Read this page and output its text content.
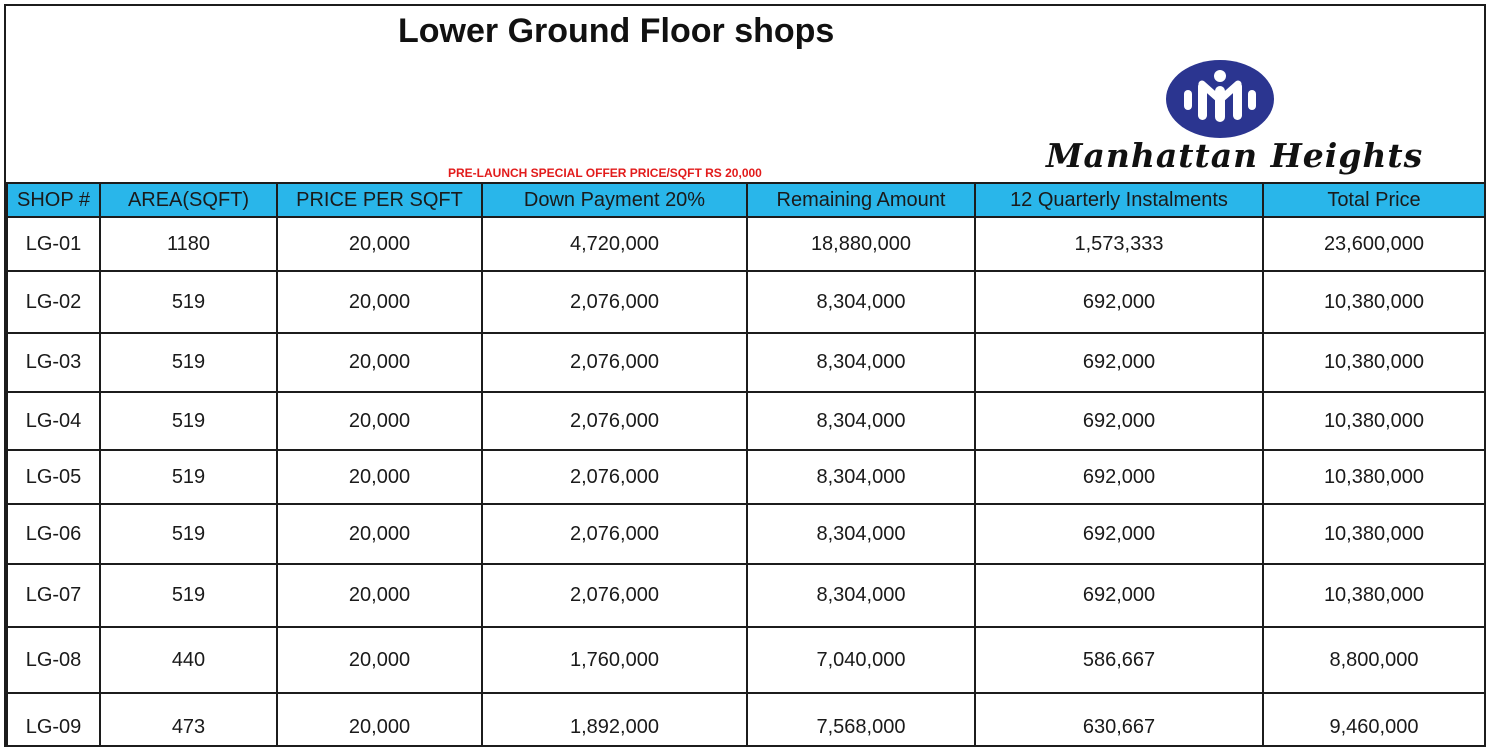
Lower Ground Floor shops
Manhattan Heights
PRE-LAUNCH SPECIAL OFFER PRICE/SQFT RS 20,000
SHOP #	AREA(SQFT)	PRICE PER SQFT	Down Payment 20%	Remaining Amount	12 Quarterly Instalments	Total Price
LG-01	1180	20,000	4,720,000	18,880,000	1,573,333	23,600,000
LG-02	519	20,000	2,076,000	8,304,000	692,000	10,380,000
LG-03	519	20,000	2,076,000	8,304,000	692,000	10,380,000
LG-04	519	20,000	2,076,000	8,304,000	692,000	10,380,000
LG-05	519	20,000	2,076,000	8,304,000	692,000	10,380,000
LG-06	519	20,000	2,076,000	8,304,000	692,000	10,380,000
LG-07	519	20,000	2,076,000	8,304,000	692,000	10,380,000
LG-08	440	20,000	1,760,000	7,040,000	586,667	8,800,000
LG-09	473	20,000	1,892,000	7,568,000	630,667	9,460,000
